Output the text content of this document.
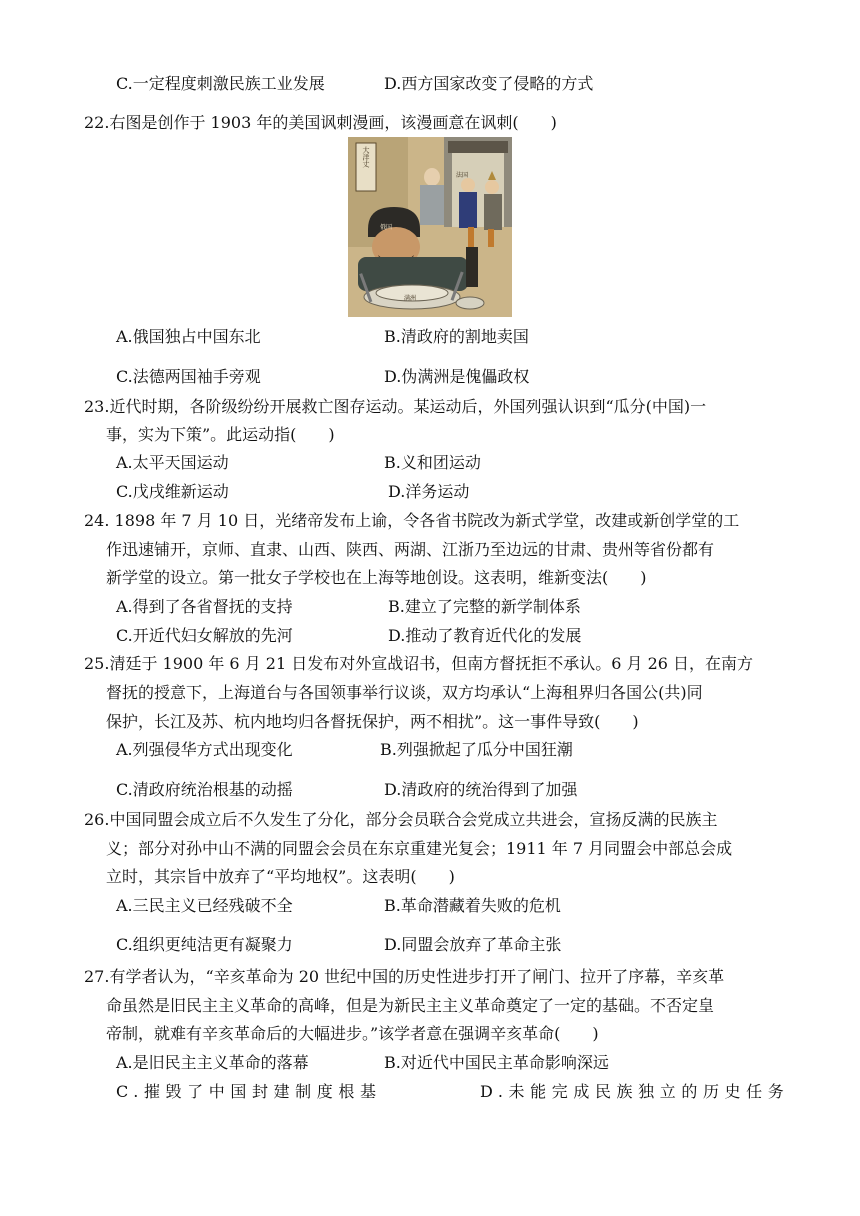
C.一定程度刺激民族工业发展	D.西方国家改变了侵略的方式
22.右图是创作于 1903 年的美国讽刺漫画，该漫画意在讽刺(　　)
大洋丈
法国
俄国
满洲
A.俄国独占中国东北	B.清政府的割地卖国
C.法德两国袖手旁观	D.伪满洲是傀儡政权
23.近代时期，各阶级纷纷开展救亡图存运动。某运动后，外国列强认识到“瓜分(中国)一
事，实为下策”。此运动指(　　)
A.太平天国运动	B.义和团运动
C.戊戌维新运动	D.洋务运动
24. 1898 年 7 月 10 日，光绪帝发布上谕，令各省书院改为新式学堂，改建或新创学堂的工
作迅速铺开，京师、直隶、山西、陕西、两湖、江浙乃至边远的甘肃、贵州等省份都有
新学堂的设立。第一批女子学校也在上海等地创设。这表明，维新变法(　　)
A.得到了各省督抚的支持	B.建立了完整的新学制体系
C.开近代妇女解放的先河	D.推动了教育近代化的发展
25.清廷于 1900 年 6 月 21 日发布对外宣战诏书，但南方督抚拒不承认。6 月 26 日，在南方
督抚的授意下，上海道台与各国领事举行议谈，双方均承认“上海租界归各国公(共)同
保护，长江及苏、杭内地均归各督抚保护，两不相扰”。这一事件导致(　　)
A.列强侵华方式出现变化	B.列强掀起了瓜分中国狂潮
C.清政府统治根基的动摇	D.清政府的统治得到了加强
26.中国同盟会成立后不久发生了分化，部分会员联合会党成立共进会，宣扬反满的民族主
义；部分对孙中山不满的同盟会会员在东京重建光复会；1911 年 7 月同盟会中部总会成
立时，其宗旨中放弃了“平均地权”。这表明(　　)
A.三民主义已经残破不全	B.革命潜藏着失败的危机
C.组织更纯洁更有凝聚力	D.同盟会放弃了革命主张
27.有学者认为，“辛亥革命为 20 世纪中国的历史性进步打开了闸门、拉开了序幕，辛亥革
命虽然是旧民主主义革命的高峰，但是为新民主主义革命奠定了一定的基础。不否定皇
帝制，就难有辛亥革命后的大幅进步。”该学者意在强调辛亥革命(　　)
A.是旧民主主义革命的落幕	B.对近代中国民主革命影响深远
C.摧毁了中国封建制度根基	D.未能完成民族独立的历史任务
